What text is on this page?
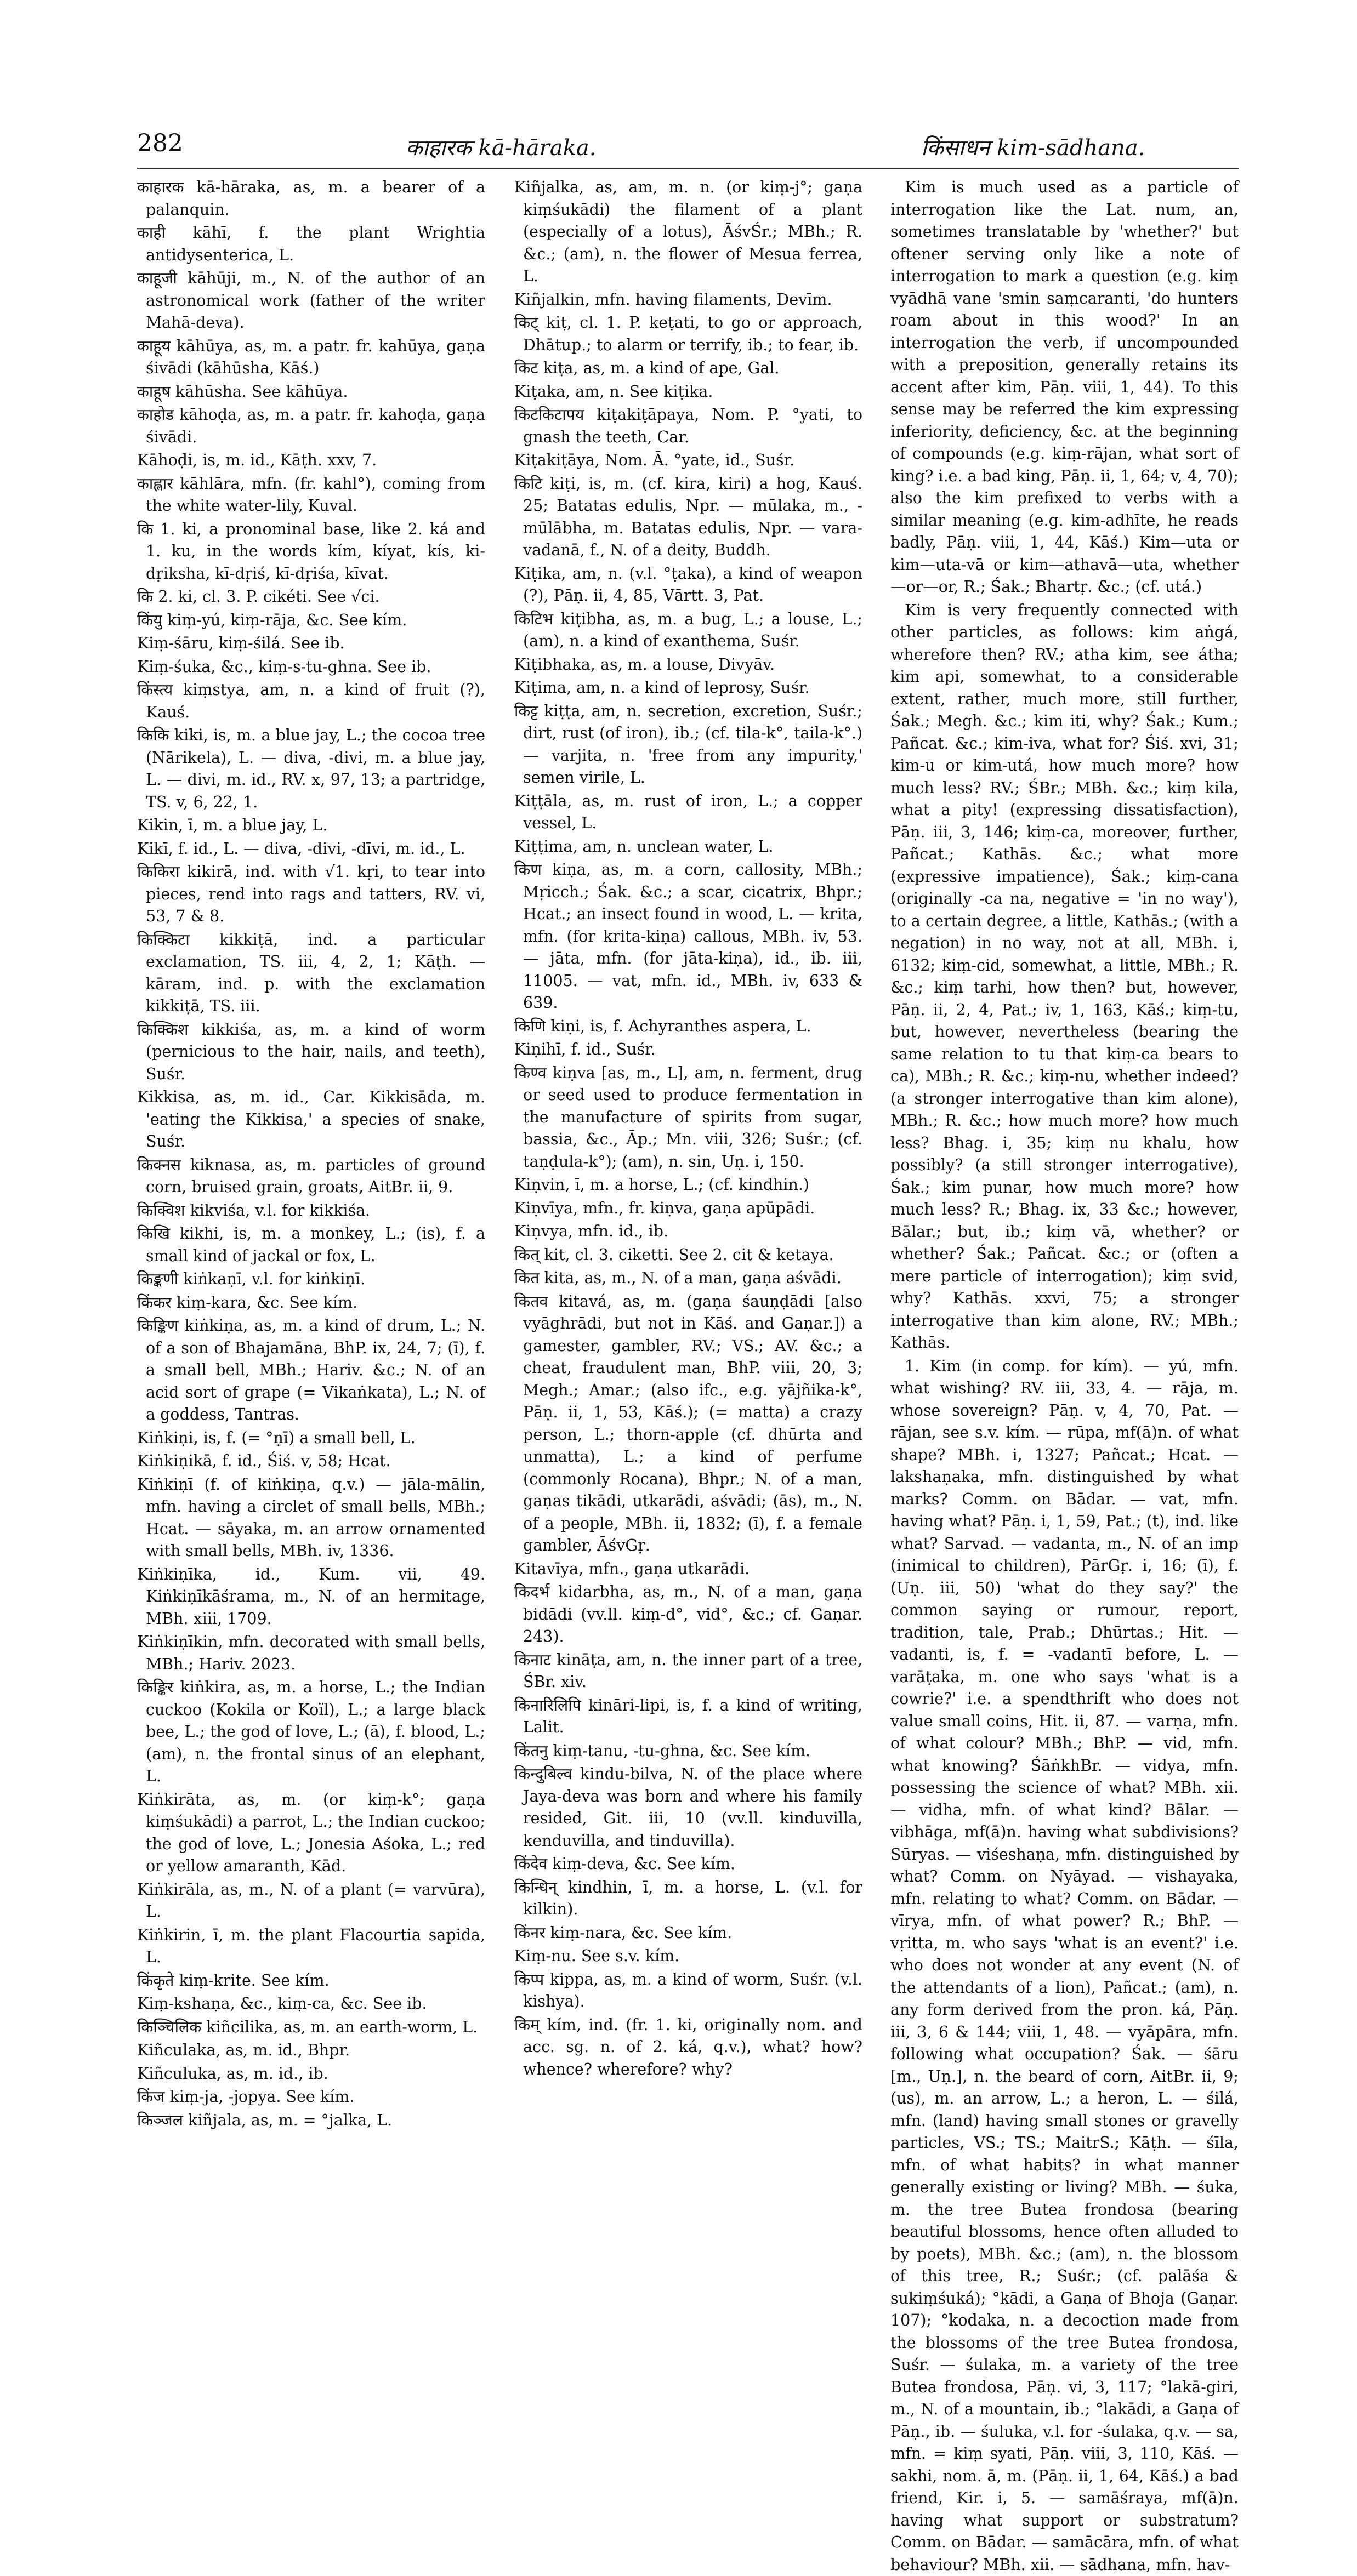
282	काहारक kā-hāraka.	किंसाधन kim-sādhana.

काहारक kā-hāraka, as, m. a bearer of a palanquin.

काही kāhī, f. the plant Wrightia antidysenterica, L.

काहूजी kāhūji, m., N. of the author of an astronomical work (father of the writer Mahā-deva).

काहूय kāhūya, as, m. a patr. fr. kahūya, gaṇa śivādi (kāhūsha, Kāś.)

काहूष kāhūsha. See kāhūya.

काहोड kāhoḍa, as, m. a patr. fr. kahoḍa, gaṇa śivādi.

Kāhoḍi, is, m. id., Kāṭh. xxv, 7.

काह्लार kāhlāra, mfn. (fr. kahl°), coming from the white water-lily, Kuval.

कि 1. ki, a pronominal base, like 2. ká and 1. ku, in the words kím, kíyat, kís, ki-dṛiksha, kī-dṛiś, kī-dṛiśa, kīvat.

कि 2. ki, cl. 3. P. cikéti. See √ci.

किंयु kiṃ-yú, kiṃ-rāja, &c. See kím.

Kiṃ-śāru, kiṃ-śilá. See ib.

Kiṃ-śuka, &c., kiṃ-s-tu-ghna. See ib.

किंस्त्य kiṃstya, am, n. a kind of fruit (?), Kauś.

किकि kiki, is, m. a blue jay, L.; the cocoa tree (Nārikela), L. — diva, -divi, m. a blue jay, L. — divi, m. id., RV. x, 97, 13; a partridge, TS. v, 6, 22, 1.

Kikin, ī, m. a blue jay, L.

Kikī, f. id., L. — diva, -divi, -dīvi, m. id., L.

किकिरा kikirā, ind. with √1. kṛi, to tear into pieces, rend into rags and tatters, RV. vi, 53, 7 & 8.

किक्किटा kikkiṭā, ind. a particular exclamation, TS. iii, 4, 2, 1; Kāṭh. — kāram, ind. p. with the exclamation kikkiṭā, TS. iii.

किक्किश kikkiśa, as, m. a kind of worm (pernicious to the hair, nails, and teeth), Suśr.

Kikkisa, as, m. id., Car. Kikkisāda, m. 'eating the Kikkisa,' a species of snake, Suśr.

किक्नस kiknasa, as, m. particles of ground corn, bruised grain, groats, AitBr. ii, 9.

किक्विश kikviśa, v.l. for kikkiśa.

किखि kikhi, is, m. a monkey, L.; (is), f. a small kind of jackal or fox, L.

किङ्कणी kiṅkaṇī, v.l. for kiṅkiṇī.

किंकर kiṃ-kara, &c. See kím.

किङ्किण kiṅkiṇa, as, m. a kind of drum, L.; N. of a son of Bhajamāna, BhP. ix, 24, 7; (ī), f. a small bell, MBh.; Hariv. &c.; N. of an acid sort of grape (= Vikaṅkata), L.; N. of a goddess, Tantras.

Kiṅkiṇi, is, f. (= °ṇī) a small bell, L.

Kiṅkiṇikā, f. id., Śiś. v, 58; Hcat.

Kiṅkiṇī (f. of kiṅkiṇa, q.v.) — jāla-mālin, mfn. having a circlet of small bells, MBh.; Hcat. — sāyaka, m. an arrow ornamented with small bells, MBh. iv, 1336.

Kiṅkiṇīka, id., Kum. vii, 49. Kiṅkiṇīkāśrama, m., N. of an hermitage, MBh. xiii, 1709.

Kiṅkiṇīkin, mfn. decorated with small bells, MBh.; Hariv. 2023.

किङ्किर kiṅkira, as, m. a horse, L.; the Indian cuckoo (Kokila or Koïl), L.; a large black bee, L.; the god of love, L.; (ā), f. blood, L.; (am), n. the frontal sinus of an elephant, L.

Kiṅkirāta, as, m. (or kiṃ-k°; gaṇa kiṃśukādi) a parrot, L.; the Indian cuckoo; the god of love, L.; Jonesia Aśoka, L.; red or yellow amaranth, Kād.

Kiṅkirāla, as, m., N. of a plant (= varvūra), L.

Kiṅkirin, ī, m. the plant Flacourtia sapida, L.

किंकृते kiṃ-krite. See kím.

Kiṃ-kshaṇa, &c., kiṃ-ca, &c. See ib.

किञ्चिलिक kiñcilika, as, m. an earth-worm, L.

Kiñculaka, as, m. id., Bhpr.

Kiñculuka, as, m. id., ib.

किंज kiṃ-ja, -jopya. See kím.

किञ्जल kiñjala, as, m. = °jalka, L.

Kiñjalka, as, am, m. n. (or kiṃ-j°; gaṇa kiṃśukādi) the filament of a plant (especially of a lotus), ĀśvŚr.; MBh.; R. &c.; (am), n. the flower of Mesua ferrea, L.

Kiñjalkin, mfn. having filaments, Devīm.

किट् kiṭ, cl. 1. P. keṭati, to go or approach, Dhātup.; to alarm or terrify, ib.; to fear, ib.

किट kiṭa, as, m. a kind of ape, Gal.

Kiṭaka, am, n. See kiṭika.

किटकिटापय kiṭakiṭāpaya, Nom. P. °yati, to gnash the teeth, Car.

Kiṭakiṭāya, Nom. Ā. °yate, id., Suśr.

किटि kiṭi, is, m. (cf. kira, kiri) a hog, Kauś. 25; Batatas edulis, Npr. — mūlaka, m., -mūlābha, m. Batatas edulis, Npr. — vara-vadanā, f., N. of a deity, Buddh.

Kiṭika, am, n. (v.l. °ṭaka), a kind of weapon (?), Pāṇ. ii, 4, 85, Vārtt. 3, Pat.

किटिभ kiṭibha, as, m. a bug, L.; a louse, L.; (am), n. a kind of exanthema, Suśr.

Kiṭibhaka, as, m. a louse, Divyāv.

Kiṭima, am, n. a kind of leprosy, Suśr.

किट्ट kiṭṭa, am, n. secretion, excretion, Suśr.; dirt, rust (of iron), ib.; (cf. tila-k°, taila-k°.) — varjita, n. 'free from any impurity,' semen virile, L.

Kiṭṭāla, as, m. rust of iron, L.; a copper vessel, L.

Kiṭṭima, am, n. unclean water, L.

किण kiṇa, as, m. a corn, callosity, MBh.; Mṛicch.; Śak. &c.; a scar, cicatrix, Bhpr.; Hcat.; an insect found in wood, L. — krita, mfn. (for krita-kiṇa) callous, MBh. iv, 53. — jāta, mfn. (for jāta-kiṇa), id., ib. iii, 11005. — vat, mfn. id., MBh. iv, 633 & 639.

किणि kiṇi, is, f. Achyranthes aspera, L.

Kiṇihī, f. id., Suśr.

किण्व kiṇva [as, m., L], am, n. ferment, drug or seed used to produce fermentation in the manufacture of spirits from sugar, bassia, &c., Āp.; Mn. viii, 326; Suśr.; (cf. taṇḍula-k°); (am), n. sin, Uṇ. i, 150.

Kiṇvin, ī, m. a horse, L.; (cf. kindhin.)

Kiṇvīya, mfn., fr. kiṇva, gaṇa apūpādi.

Kiṇvya, mfn. id., ib.

कित् kit, cl. 3. ciketti. See 2. cit & ketaya.

कित kita, as, m., N. of a man, gaṇa aśvādi.

कितव kitavá, as, m. (gaṇa śauṇḍādi [also vyāghrādi, but not in Kāś. and Gaṇar.]) a gamester, gambler, RV.; VS.; AV. &c.; a cheat, fraudulent man, BhP. viii, 20, 3; Megh.; Amar.; (also ifc., e.g. yājñika-k°, Pāṇ. ii, 1, 53, Kāś.); (= matta) a crazy person, L.; thorn-apple (cf. dhūrta and unmatta), L.; a kind of perfume (commonly Rocana), Bhpr.; N. of a man, gaṇas tikādi, utkarādi, aśvādi; (ās), m., N. of a people, MBh. ii, 1832; (ī), f. a female gambler, ĀśvGṛ.

Kitavīya, mfn., gaṇa utkarādi.

किदर्भ kidarbha, as, m., N. of a man, gaṇa bidādi (vv.ll. kiṃ-d°, vid°, &c.; cf. Gaṇar. 243).

किनाट kināṭa, am, n. the inner part of a tree, ŚBr. xiv.

किनारिलिपि kināri-lipi, is, f. a kind of writing, Lalit.

किंतनु kiṃ-tanu, -tu-ghna, &c. See kím.

किन्दुबिल्व kindu-bilva, N. of the place where Jaya-deva was born and where his family resided, Git. iii, 10 (vv.ll. kinduvilla, kenduvilla, and tinduvilla).

किंदेव kiṃ-deva, &c. See kím.

किन्धिन् kindhin, ī, m. a horse, L. (v.l. for kilkin).

किंनर kiṃ-nara, &c. See kím.

Kiṃ-nu. See s.v. kím.

किप्प kippa, as, m. a kind of worm, Suśr. (v.l. kishya).

किम् kím, ind. (fr. 1. ki, originally nom. and acc. sg. n. of 2. ká, q.v.), what? how? whence? wherefore? why?

Kim is much used as a particle of interrogation like the Lat. num, an, sometimes translatable by 'whether?' but oftener serving only like a note of interrogation to mark a question (e.g. kiṃ vyādhā vane 'smin saṃcaranti, 'do hunters roam about in this wood?' In an interrogation the verb, if uncompounded with a preposition, generally retains its accent after kim, Pāṇ. viii, 1, 44). To this sense may be referred the kim expressing inferiority, deficiency, &c. at the beginning of compounds (e.g. kiṃ-rājan, what sort of king? i.e. a bad king, Pāṇ. ii, 1, 64; v, 4, 70); also the kim prefixed to verbs with a similar meaning (e.g. kim-adhīte, he reads badly, Pāṇ. viii, 1, 44, Kāś.) Kim—uta or kim—uta-vā or kim—athavā—uta, whether—or—or, R.; Śak.; Bhartṛ. &c.; (cf. utá.)

Kim is very frequently connected with other particles, as follows: kim aṅgá, wherefore then? RV.; atha kim, see átha; kim api, somewhat, to a considerable extent, rather, much more, still further, Śak.; Megh. &c.; kim iti, why? Śak.; Kum.; Pañcat. &c.; kim-iva, what for? Śiś. xvi, 31; kim-u or kim-utá, how much more? how much less? RV.; ŚBr.; MBh. &c.; kiṃ kila, what a pity! (expressing dissatisfaction), Pāṇ. iii, 3, 146; kiṃ-ca, moreover, further, Pañcat.; Kathās. &c.; what more (expressive impatience), Śak.; kiṃ-cana (originally -ca na, negative = 'in no way'), to a certain degree, a little, Kathās.; (with a negation) in no way, not at all, MBh. i, 6132; kiṃ-cid, somewhat, a little, MBh.; R. &c.; kiṃ tarhi, how then? but, however, Pāṇ. ii, 2, 4, Pat.; iv, 1, 163, Kāś.; kiṃ-tu, but, however, nevertheless (bearing the same relation to tu that kiṃ-ca bears to ca), MBh.; R. &c.; kiṃ-nu, whether indeed? (a stronger interrogative than kim alone), MBh.; R. &c.; how much more? how much less? Bhag. i, 35; kiṃ nu khalu, how possibly? (a still stronger interrogative), Śak.; kim punar, how much more? how much less? R.; Bhag. ix, 33 &c.; however, Bālar.; but, ib.; kiṃ vā, whether? or whether? Śak.; Pañcat. &c.; or (often a mere particle of interrogation); kiṃ svid, why? Kathās. xxvi, 75; a stronger interrogative than kim alone, RV.; MBh.; Kathās.

1. Kim (in comp. for kím). — yú, mfn. what wishing? RV. iii, 33, 4. — rāja, m. whose sovereign? Pāṇ. v, 4, 70, Pat. — rājan, see s.v. kím. — rūpa, mf(ā)n. of what shape? MBh. i, 1327; Pañcat.; Hcat. — lakshaṇaka, mfn. distinguished by what marks? Comm. on Bādar. — vat, mfn. having what? Pāṇ. i, 1, 59, Pat.; (t), ind. like what? Sarvad. — vadanta, m., N. of an imp (inimical to children), PārGṛ. i, 16; (ī), f. (Uṇ. iii, 50) 'what do they say?' the common saying or rumour, report, tradition, tale, Prab.; Dhūrtas.; Hit. — vadanti, is, f. = -vadantī before, L. — varāṭaka, m. one who says 'what is a cowrie?' i.e. a spendthrift who does not value small coins, Hit. ii, 87. — varṇa, mfn. of what colour? MBh.; BhP. — vid, mfn. what knowing? ŚāṅkhBr. — vidya, mfn. possessing the science of what? MBh. xii. — vidha, mfn. of what kind? Bālar. — vibhāga, mf(ā)n. having what subdivisions? Sūryas. — viśeshaṇa, mfn. distinguished by what? Comm. on Nyāyad. — vishayaka, mfn. relating to what? Comm. on Bādar. — vīrya, mfn. of what power? R.; BhP. — vṛitta, m. who says 'what is an event?' i.e. who does not wonder at any event (N. of the attendants of a lion), Pañcat.; (am), n. any form derived from the pron. ká, Pāṇ. iii, 3, 6 & 144; viii, 1, 48. — vyāpāra, mfn. following what occupation? Śak. — śāru [m., Uṇ.], n. the beard of corn, AitBr. ii, 9; (us), m. an arrow, L.; a heron, L. — śilá, mfn. (land) having small stones or gravelly particles, VS.; TS.; MaitrS.; Kāṭh. — śīla, mfn. of what habits? in what manner generally existing or living? MBh. — śuka, m. the tree Butea frondosa (bearing beautiful blossoms, hence often alluded to by poets), MBh. &c.; (am), n. the blossom of this tree, R.; Suśr.; (cf. palāśa & sukiṃśuká); °kādi, a Gaṇa of Bhoja (Gaṇar. 107); °kodaka, n. a decoction made from the blossoms of the tree Butea frondosa, Suśr. — śulaka, m. a variety of the tree Butea frondosa, Pāṇ. vi, 3, 117; °lakā-giri, m., N. of a mountain, ib.; °lakādi, a Gaṇa of Pāṇ., ib. — śuluka, v.l. for -śulaka, q.v. — sa, mfn. = kiṃ syati, Pāṇ. viii, 3, 110, Kāś. — sakhi, nom. ā, m. (Pāṇ. ii, 1, 64, Kāś.) a bad friend, Kir. i, 5. — samāśraya, mf(ā)n. having what support or substratum? Comm. on Bādar. — samācāra, mfn. of what behaviour? MBh. xii. — sādhana, mfn. hav-
